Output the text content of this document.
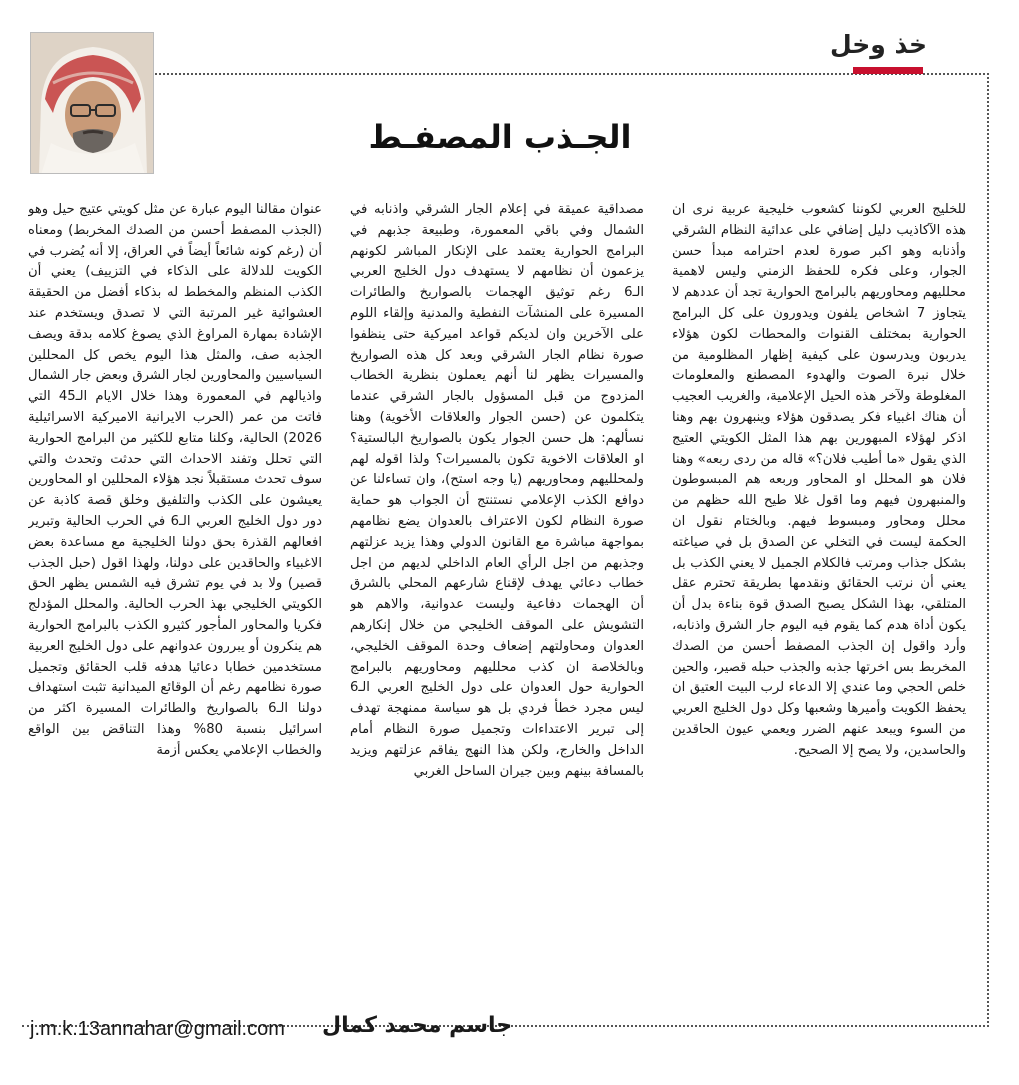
خذ وخل
الجـذب المصفـط

عنوان مقالنا اليوم عبارة عن مثل كويتي عتيج حيل وهو (الجذب المصفط أحسن من الصدك المخربط) ومعناه أن (رغم كونه شائعاً أيضاً في العراق، إلا أنه يُضرب في الكويت للدلالة على الذكاء في التزييف) يعني أن الكذب المنظم والمخطط له بذكاء أفضل من الحقيقة العشوائية غير المرتبة التي لا تصدق ويستخدم عند الإشادة بمهارة المراوغ الذي يصوغ كلامه بدقة ويصف الجذبه صف، والمثل هذا اليوم يخص كل المحللين السياسيين والمحاورين لجار الشرق وبعض جار الشمال واذيالهم في المعمورة وهذا خلال الايام الـ45 التي فاتت من عمر (الحرب الايرانية الاميركية الاسرائيلية 2026) الحالية، وكلنا متابع للكثير من البرامج الحوارية التي تحلل وتفند الاحداث التي حدثت وتحدث والتي سوف تحدث مستقبلاً نجد هؤلاء المحللين او المحاورين يعيشون على الكذب والتلفيق وخلق قصة كاذبة عن دور دول الخليج العربي الـ6 في الحرب الحالية وتبرير افعالهم القذرة بحق دولنا الخليجية مع مساعدة بعض الاغبياء والحاقدين على دولنا، ولهذا اقول (حبل الجذب قصير) ولا بد في يوم تشرق فيه الشمس يظهر الحق الكويتي الخليجي بهذ الحرب الحالية. والمحلل المؤدلج فكريا والمحاور المأجور كثيرو الكذب بالبرامج الحوارية هم ينكرون أو يبررون عدوانهم على دول الخليج العربية مستخدمين خطابا دعائيا هدفه قلب الحقائق وتجميل صورة نظامهم رغم أن الوقائع الميدانية تثبت استهداف دولنا الـ6 بالصواريخ والطائرات المسيرة اكثر من اسرائيل بنسبة 80% وهذا التناقض بين الواقع والخطاب الإعلامي يعكس أزمة

مصداقية عميقة في إعلام الجار الشرقي واذنابه في الشمال وفي باقي المعمورة، وطبيعة جذبهم في البرامج الحوارية يعتمد على الإنكار المباشر لكونهم يزعمون أن نظامهم لا يستهدف دول الخليج العربي الـ6 رغم توثيق الهجمات بالصواريخ والطائرات المسيرة على المنشآت النفطية والمدنية وإلقاء اللوم على الآخرين وان لديكم قواعد اميركية حتى ينظفوا صورة نظام الجار الشرقي وبعد كل هذه الصواريخ والمسيرات يظهر لنا أنهم يعملون بنظرية الخطاب المزدوج من قبل المسؤول بالجار الشرقي عندما يتكلمون عن (حسن الجوار والعلاقات الأخوية) وهنا نسألهم: هل حسن الجوار يكون بالصواريخ البالستية؟ او العلاقات الاخوية تكون بالمسيرات؟ ولذا اقوله لهم ولمحلليهم ومحاوريهم (يا وجه استح)، وان تساءلنا عن دوافع الكذب الإعلامي نستنتج أن الجواب هو حماية صورة النظام لكون الاعتراف بالعدوان يضع نظامهم بمواجهة مباشرة مع القانون الدولي وهذا يزيد عزلتهم وجذبهم من اجل الرأي العام الداخلي لديهم من اجل خطاب دعائي يهدف لإقناع شارعهم المحلي بالشرق أن الهجمات دفاعية وليست عدوانية، والاهم هو التشويش على الموقف الخليجي من خلال إنكارهم العدوان ومحاولتهم إضعاف وحدة الموقف الخليجي، وبالخلاصة ان كذب محلليهم ومحاوريهم بالبرامج الحوارية حول العدوان على دول الخليج العربي الـ6 ليس مجرد خطأ فردي بل هو سياسة ممنهجة تهدف إلى تبرير الاعتداءات وتجميل صورة النظام أمام الداخل والخارج، ولكن هذا النهج يفاقم عزلتهم ويزيد بالمسافة بينهم وبين جيران الساحل الغربي

للخليج العربي لكوننا كشعوب خليجية عربية نرى ان هذه الآكاذيب دليل إضافي على عدائية النظام الشرقي وأذنابه وهو اكبر صورة لعدم احترامه مبدأ حسن الجوار، وعلى فكره للحفظ الزمني وليس لاهمية محلليهم ومحاوريهم بالبرامج الحوارية تجد أن عددهم لا يتجاوز 7 اشخاص يلفون ويدورون على كل البرامج الحوارية بمختلف القنوات والمحطات لكون هؤلاء يدربون ويدرسون على كيفية إظهار المظلومية من خلال نبرة الصوت والهدوء المصطنع والمعلومات المغلوطة ولآخر هذه الحيل الإعلامية، والغريب العجيب أن هناك اغبياء فكر يصدقون هؤلاء وينبهرون بهم وهنا اذكر لهؤلاء المبهورين بهم هذا المثل الكويتي العتيج الذي يقول «ما أطيب فلان؟» قاله من ردى ربعه» وهنا فلان هو المحلل او المحاور وربعه هم المبسوطون والمنبهرون فيهم وما اقول غلا طيح الله حظهم من محلل ومحاور ومبسوط فيهم. وبالختام نقول ان الحكمة ليست في التخلي عن الصدق بل في صياغته بشكل جذاب ومرتب فالكلام الجميل لا يعني الكذب بل يعني أن نرتب الحقائق ونقدمها بطريقة تحترم عقل المتلقي، بهذا الشكل يصبح الصدق قوة بناءة بدل أن يكون أداة هدم كما يقوم فيه اليوم جار الشرق واذنابه، وأرد واقول إن الجذب المصفط أحسن من الصدك المخربط بس اخرتها جذبه والجذب حبله قصير، والحين خلص الحجي وما عندي إلا الدعاء لرب البيت العتيق ان يحفظ الكويت وأميرها وشعبها وكل دول الخليج العربي من السوء ويبعد عنهم الضرر ويعمي عيون الحاقدين والحاسدين، ولا يصح إلا الصحيح.

j.m.k.13annahar@gmail.com جاسم محمد كمال
